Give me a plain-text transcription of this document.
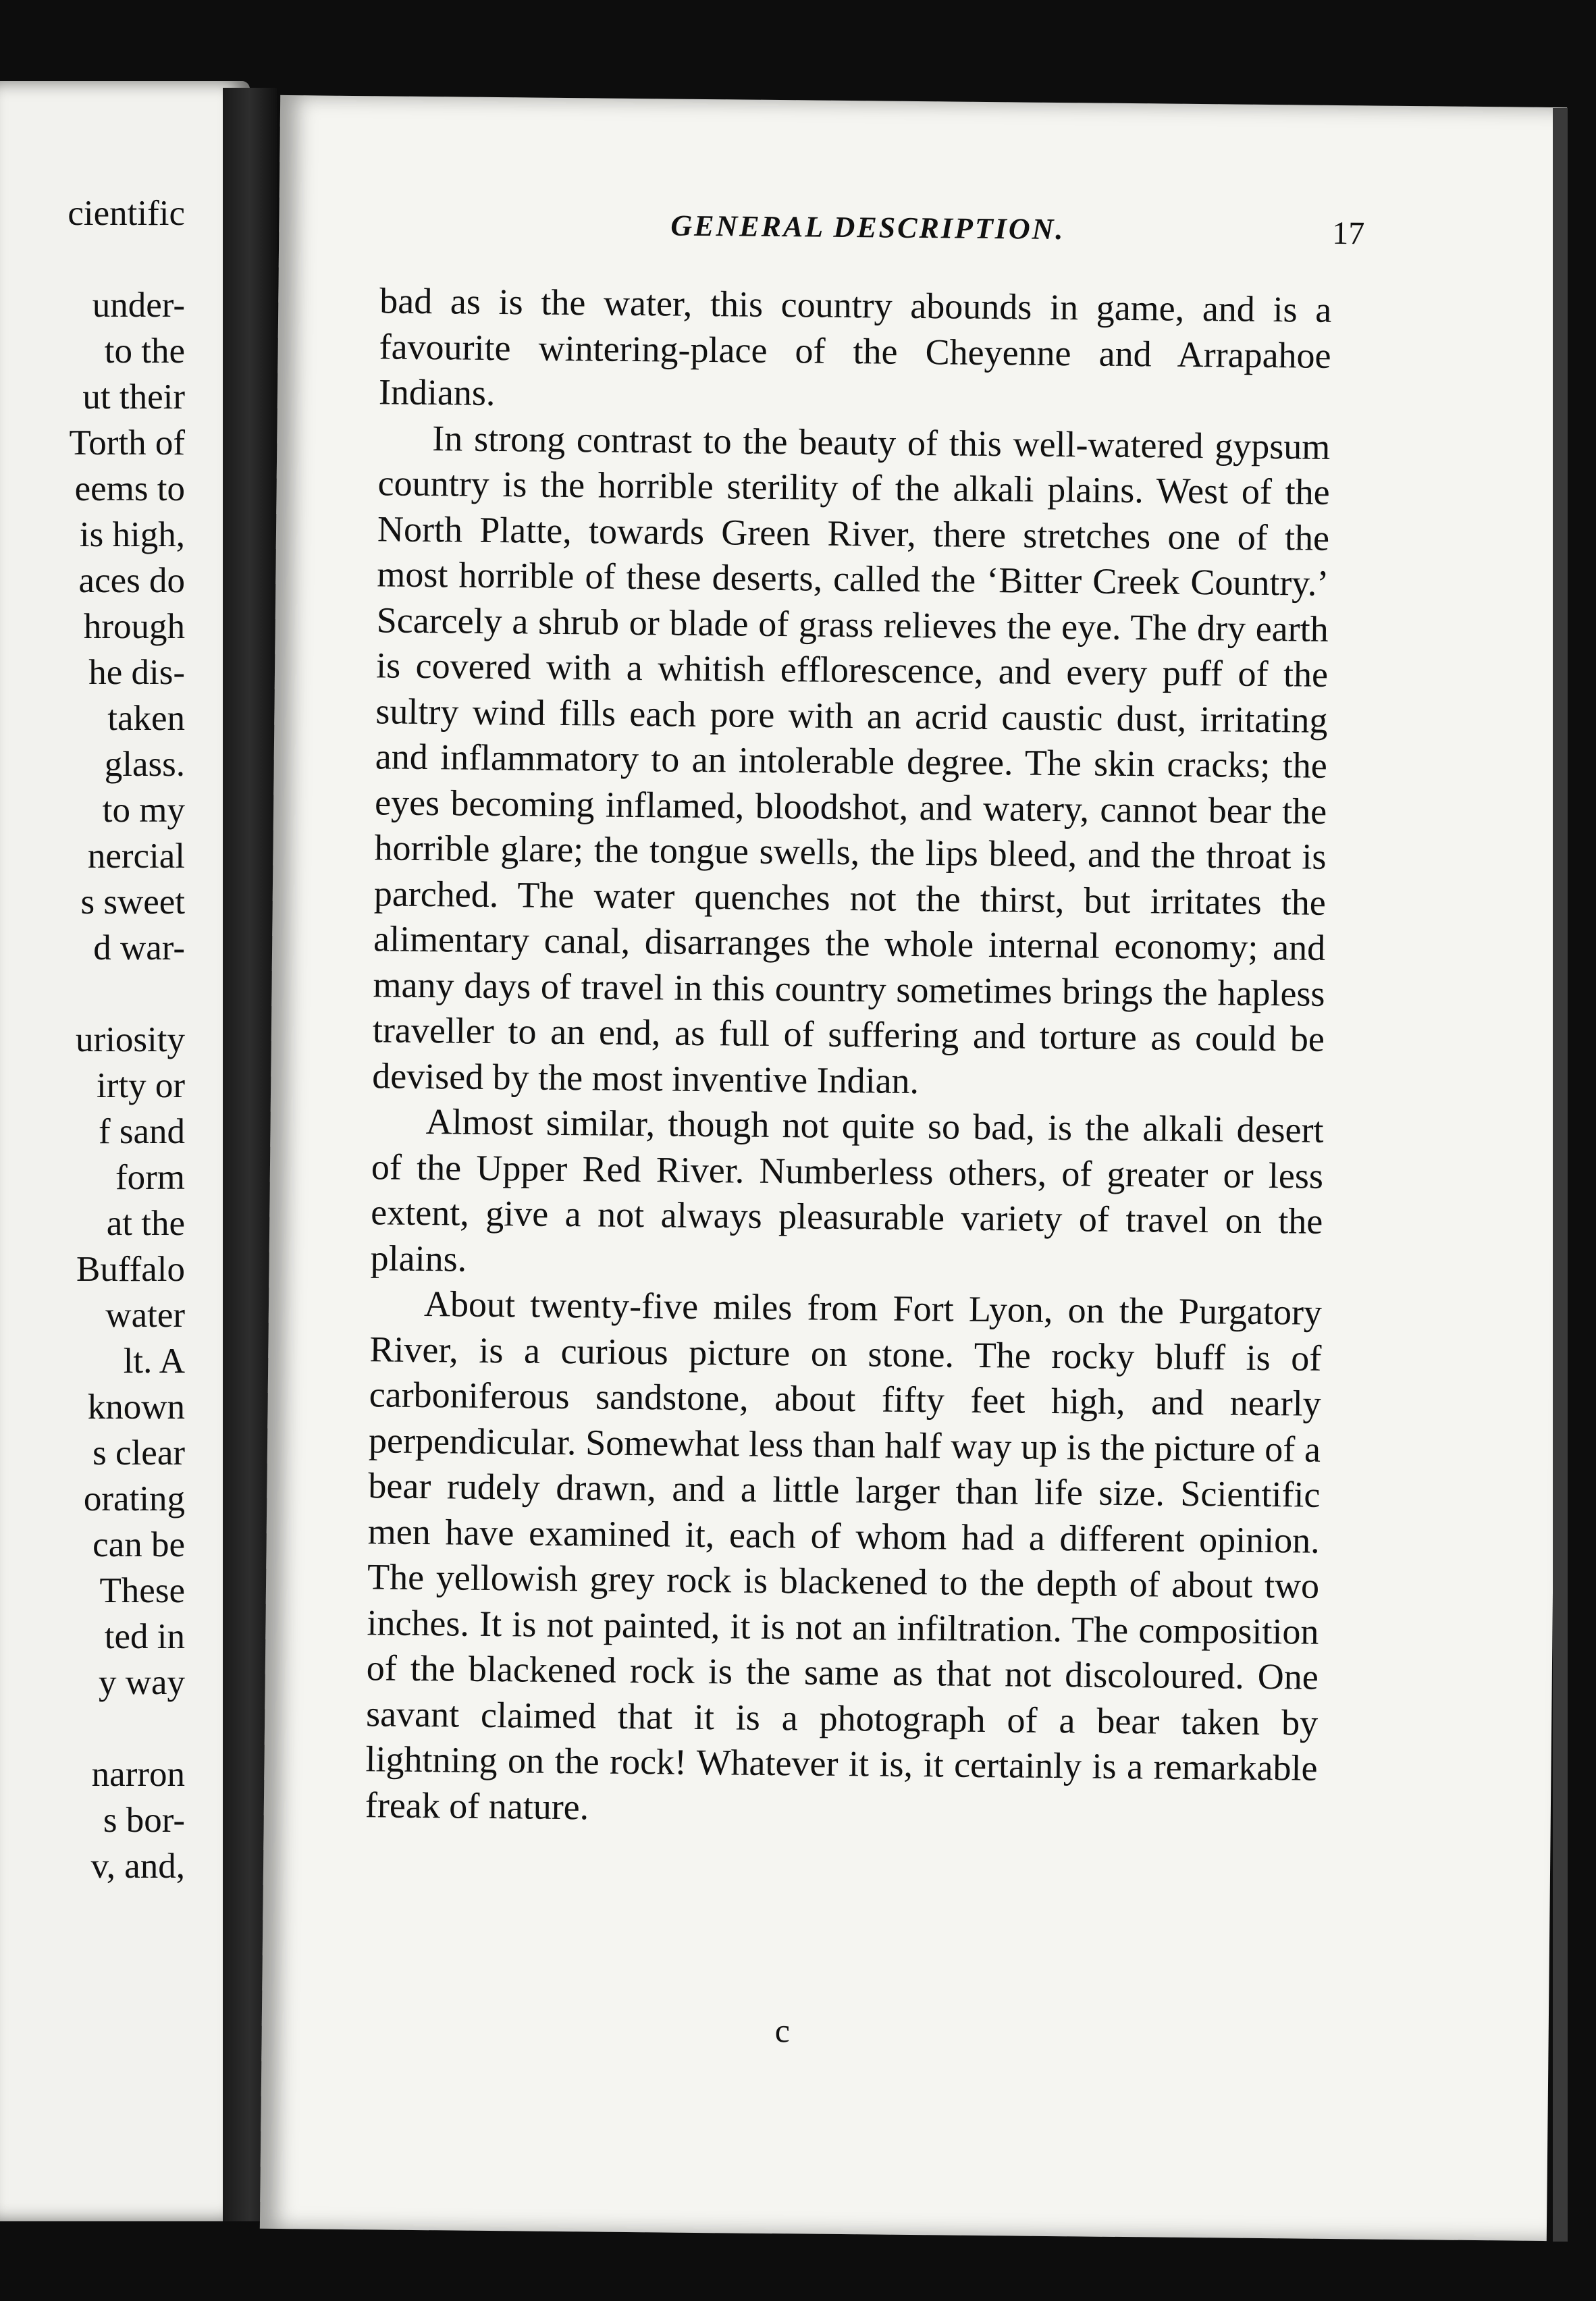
cientific
under-
to the
ut their
Torth of
eems to
is high,
aces do
hrough
he dis-
taken
glass.
to my
nercial
s sweet
d war-
uriosity
irty or
f sand
form
at the
Buffalo
water
lt. A
known
s clear
orating
can be
These
ted in
y way
narron
s bor-
v, and,
GENERAL DESCRIPTION.	17

bad as is the water, this country abounds in game, and is a favourite wintering-place of the Cheyenne and Arrapahoe Indians.

In strong contrast to the beauty of this well-watered gypsum country is the horrible sterility of the alkali plains. West of the North Platte, towards Green River, there stretches one of the most horrible of these deserts, called the ‘Bitter Creek Country.’ Scarcely a shrub or blade of grass relieves the eye. The dry earth is covered with a whitish efflorescence, and every puff of the sultry wind fills each pore with an acrid caustic dust, irritating and inflammatory to an intolerable degree. The skin cracks; the eyes becoming inflamed, bloodshot, and watery, cannot bear the horrible glare; the tongue swells, the lips bleed, and the throat is parched. The water quenches not the thirst, but irritates the alimentary canal, disarranges the whole internal economy; and many days of travel in this country sometimes brings the hapless traveller to an end, as full of suffering and torture as could be devised by the most inventive Indian.

Almost similar, though not quite so bad, is the alkali desert of the Upper Red River. Numberless others, of greater or less extent, give a not always pleasurable variety of travel on the plains.

About twenty-five miles from Fort Lyon, on the Purgatory River, is a curious picture on stone. The rocky bluff is of carboniferous sandstone, about fifty feet high, and nearly perpendicular. Somewhat less than half way up is the picture of a bear rudely drawn, and a little larger than life size. Scientific men have examined it, each of whom had a different opinion. The yellowish grey rock is blackened to the depth of about two inches. It is not painted, it is not an infiltration. The composition of the blackened rock is the same as that not discoloured. One savant claimed that it is a photograph of a bear taken by lightning on the rock! Whatever it is, it certainly is a remarkable freak of nature.

c
